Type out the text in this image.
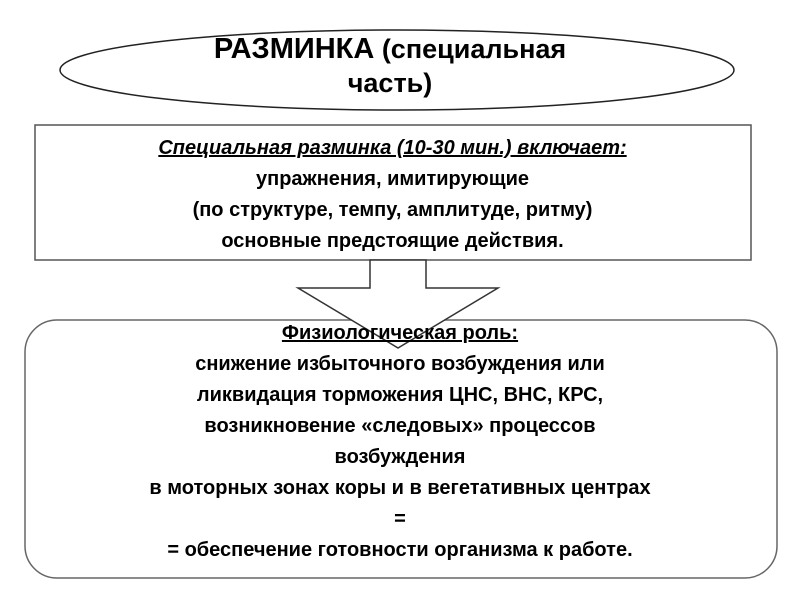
РАЗМИНКА (специальная
часть)
Специальная разминка (10-30 мин.) включает:
упражнения, имитирующие
(по структуре, темпу, амплитуде, ритму)
основные предстоящие действия.
Физиологическая роль:
снижение избыточного возбуждения или
ликвидация торможения ЦНС, ВНС, КРС,
возникновение «следовых» процессов
возбуждения
в моторных зонах коры и в вегетативных центрах
=
= обеспечение готовности организма к работе.
